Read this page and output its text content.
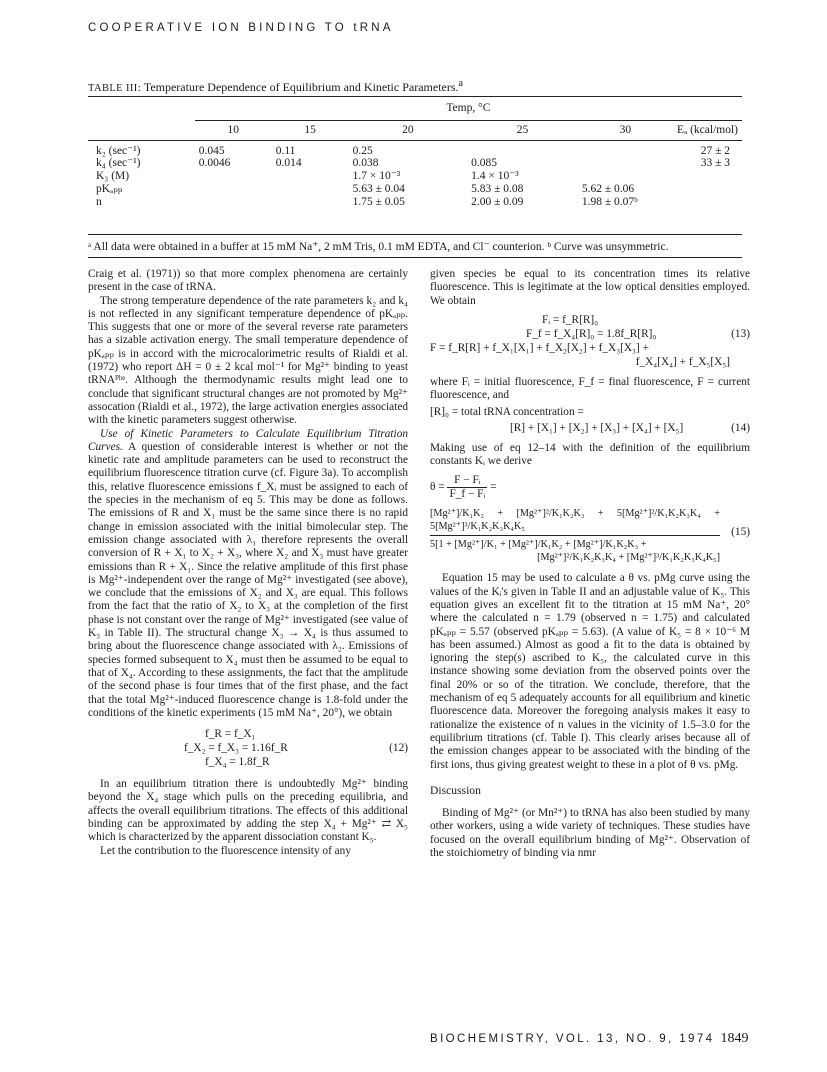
COOPERATIVE ION BINDING TO tRNA
TABLE III: Temperature Dependence of Equilibrium and Kinetic Parameters.$^a$
	Temp, °C					
	10	15	20	25	30	Eₐ (kcal/mol)
k₂ (sec⁻¹)	0.045	0.11	0.25			27 ± 2
k₄ (sec⁻¹)	0.0046	0.014	0.038	0.085		33 ± 3
K₃ (M)			1.7 × 10⁻³	1.4 × 10⁻³		
pKₐₚₚ			5.63 ± 0.04	5.83 ± 0.08	5.62 ± 0.06	
n			1.75 ± 0.05	2.00 ± 0.09	1.98 ± 0.07ᵇ	
ᵃ All data were obtained in a buffer at 15 mM Na⁺, 2 mM Tris, 0.1 mM EDTA, and Cl⁻ counterion. ᵇ Curve was unsymmetric.

Craig et al. (1971)) so that more complex phenomena are certainly present in the case of tRNA.

The strong temperature dependence of the rate parameters k₂ and k₄ is not reflected in any significant temperature dependence of pKₐₚₚ. This suggests that one or more of the several reverse rate parameters has a sizable activation energy. The small temperature dependence of pKₐₚₚ is in accord with the microcalorimetric results of Rialdi et al. (1972) who report ΔH = 0 ± 2 kcal mol⁻¹ for Mg²⁺ binding to yeast tRNAᴾʰᵉ. Although the thermodynamic results might lead one to conclude that significant structural changes are not promoted by Mg²⁺ assocation (Rialdi et al., 1972), the large activation energies associated with the kinetic parameters suggest otherwise.

Use of Kinetic Parameters to Calculate Equilibrium Titration Curves. A question of considerable interest is whether or not the kinetic rate and amplitude parameters can be used to reconstruct the equilibrium fluorescence titration curve (cf. Figure 3a). To accomplish this, relative fluorescence emissions f_Xᵢ must be assigned to each of the species in the mechanism of eq 5. This may be done as follows. The emissions of R and X₁ must be the same since there is no rapid change in emission associated with the initial bimolecular step. The emission change associated with λ₁ therefore represents the overall conversion of R + X₁ to X₂ + X₃, where X₂ and X₃ must have greater emissions than R + X₁. Since the relative amplitude of this first phase is Mg²⁺-independent over the range of Mg²⁺ investigated (see above), we conclude that the emissions of X₂ and X₃ are equal. This follows from the fact that the ratio of X₂ to X₃ at the completion of the first phase is not constant over the range of Mg²⁺ investigated (see value of K₃ in Table II). The structural change X₃ → X₄ is thus assumed to bring about the fluorescence change associated with λ₂. Emissions of species formed subsequent to X₄ must then be assumed to be equal to that of X₄. According to these assignments, the fact that the amplitude of the second phase is four times that of the first phase, and the fact that the total Mg²⁺-induced fluorescence change is 1.8-fold under the conditions of the kinetic experiments (15 mM Na⁺, 20°), we obtain

f_R = f_X₁
f_X₂ = f_X₃ = 1.16f_R	(12)
f_X₄ = 1.8f_R

In an equilibrium titration there is undoubtedly Mg²⁺ binding beyond the X₄ stage which pulls on the preceding equilibria, and affects the overall equilibrium titrations. The effects of this additional binding can be approximated by adding the step X₄ + Mg²⁺ ⇄ X₅ which is characterized by the apparent dissociation constant K₅.

Let the contribution to the fluorescence intensity of any

given species be equal to its concentration times its relative fluorescence. This is legitimate at the low optical densities employed. We obtain

Fᵢ = f_R[R]₀
F_f = f_X₄[R]₀ = 1.8f_R[R]₀	(13)
F = f_R[R] + f_X₁[X₁] + f_X₂[X₂] + f_X₃[X₃] +
f_X₄[X₄] + f_X₅[X₅]

where Fᵢ = initial fluorescence, F_f = final fluorescence, F = current fluorescence, and

[R]₀ = total tRNA concentration =

[R] + [X₁] + [X₂] + [X₃] + [X₄] + [X₅]	(14)

Making use of eq 12–14 with the definition of the equilibrium constants Kᵢ we derive

$\theta = \frac{\text{F − Fᵢ}}{\text{F\_f − Fᵢ}}$ =
[Mg²⁺]/K₁K₂ + [Mg²⁺]²/K₁K₂K₃ + 5[Mg²⁺]²/K₁K₂K₃K₄ + 5[Mg²⁺]³/K₁K₂K₃K₄K₅
5[1 + [Mg²⁺]/K₁ + [Mg²⁺]/K₁K₂ + [Mg²⁺]/K₁K₂K₃ +
[Mg²⁺]²/K₁K₂K₃K₄ + [Mg²⁺]³/K₁K₂K₃K₄K₅]
(15)

Equation 15 may be used to calculate a θ vs. pMg curve using the values of the Kᵢ's given in Table II and an adjustable value of K₅. This equation gives an excellent fit to the titration at 15 mM Na⁺, 20° where the calculated n = 1.79 (observed n = 1.75) and calculated pKₐₚₚ = 5.57 (observed pKₐₚₚ = 5.63). (A value of K₅ = 8 × 10⁻⁶ M has been assumed.) Almost as good a fit to the data is obtained by ignoring the step(s) ascribed to K₅, the calculated curve in this instance showing some deviation from the observed points over the final 20% or so of the titration. We conclude, therefore, that the mechanism of eq 5 adequately accounts for all equilibrium and kinetic fluorescence data. Moreover the foregoing analysis makes it easy to rationalize the existence of n values in the vicinity of 1.5–3.0 for the equilibrium titrations (cf. Table I). This clearly arises because all of the emission changes appear to be associated with the binding of the first ions, thus giving greatest weight to these in a plot of θ vs. pMg.

Discussion

Binding of Mg²⁺ (or Mn²⁺) to tRNA has also been studied by many other workers, using a wide variety of techniques. These studies have focused on the overall equilibrium binding of Mg²⁺. Observation of the stoichiometry of binding via nmr

BIOCHEMISTRY, VOL. 13, NO. 9, 1974 1849
